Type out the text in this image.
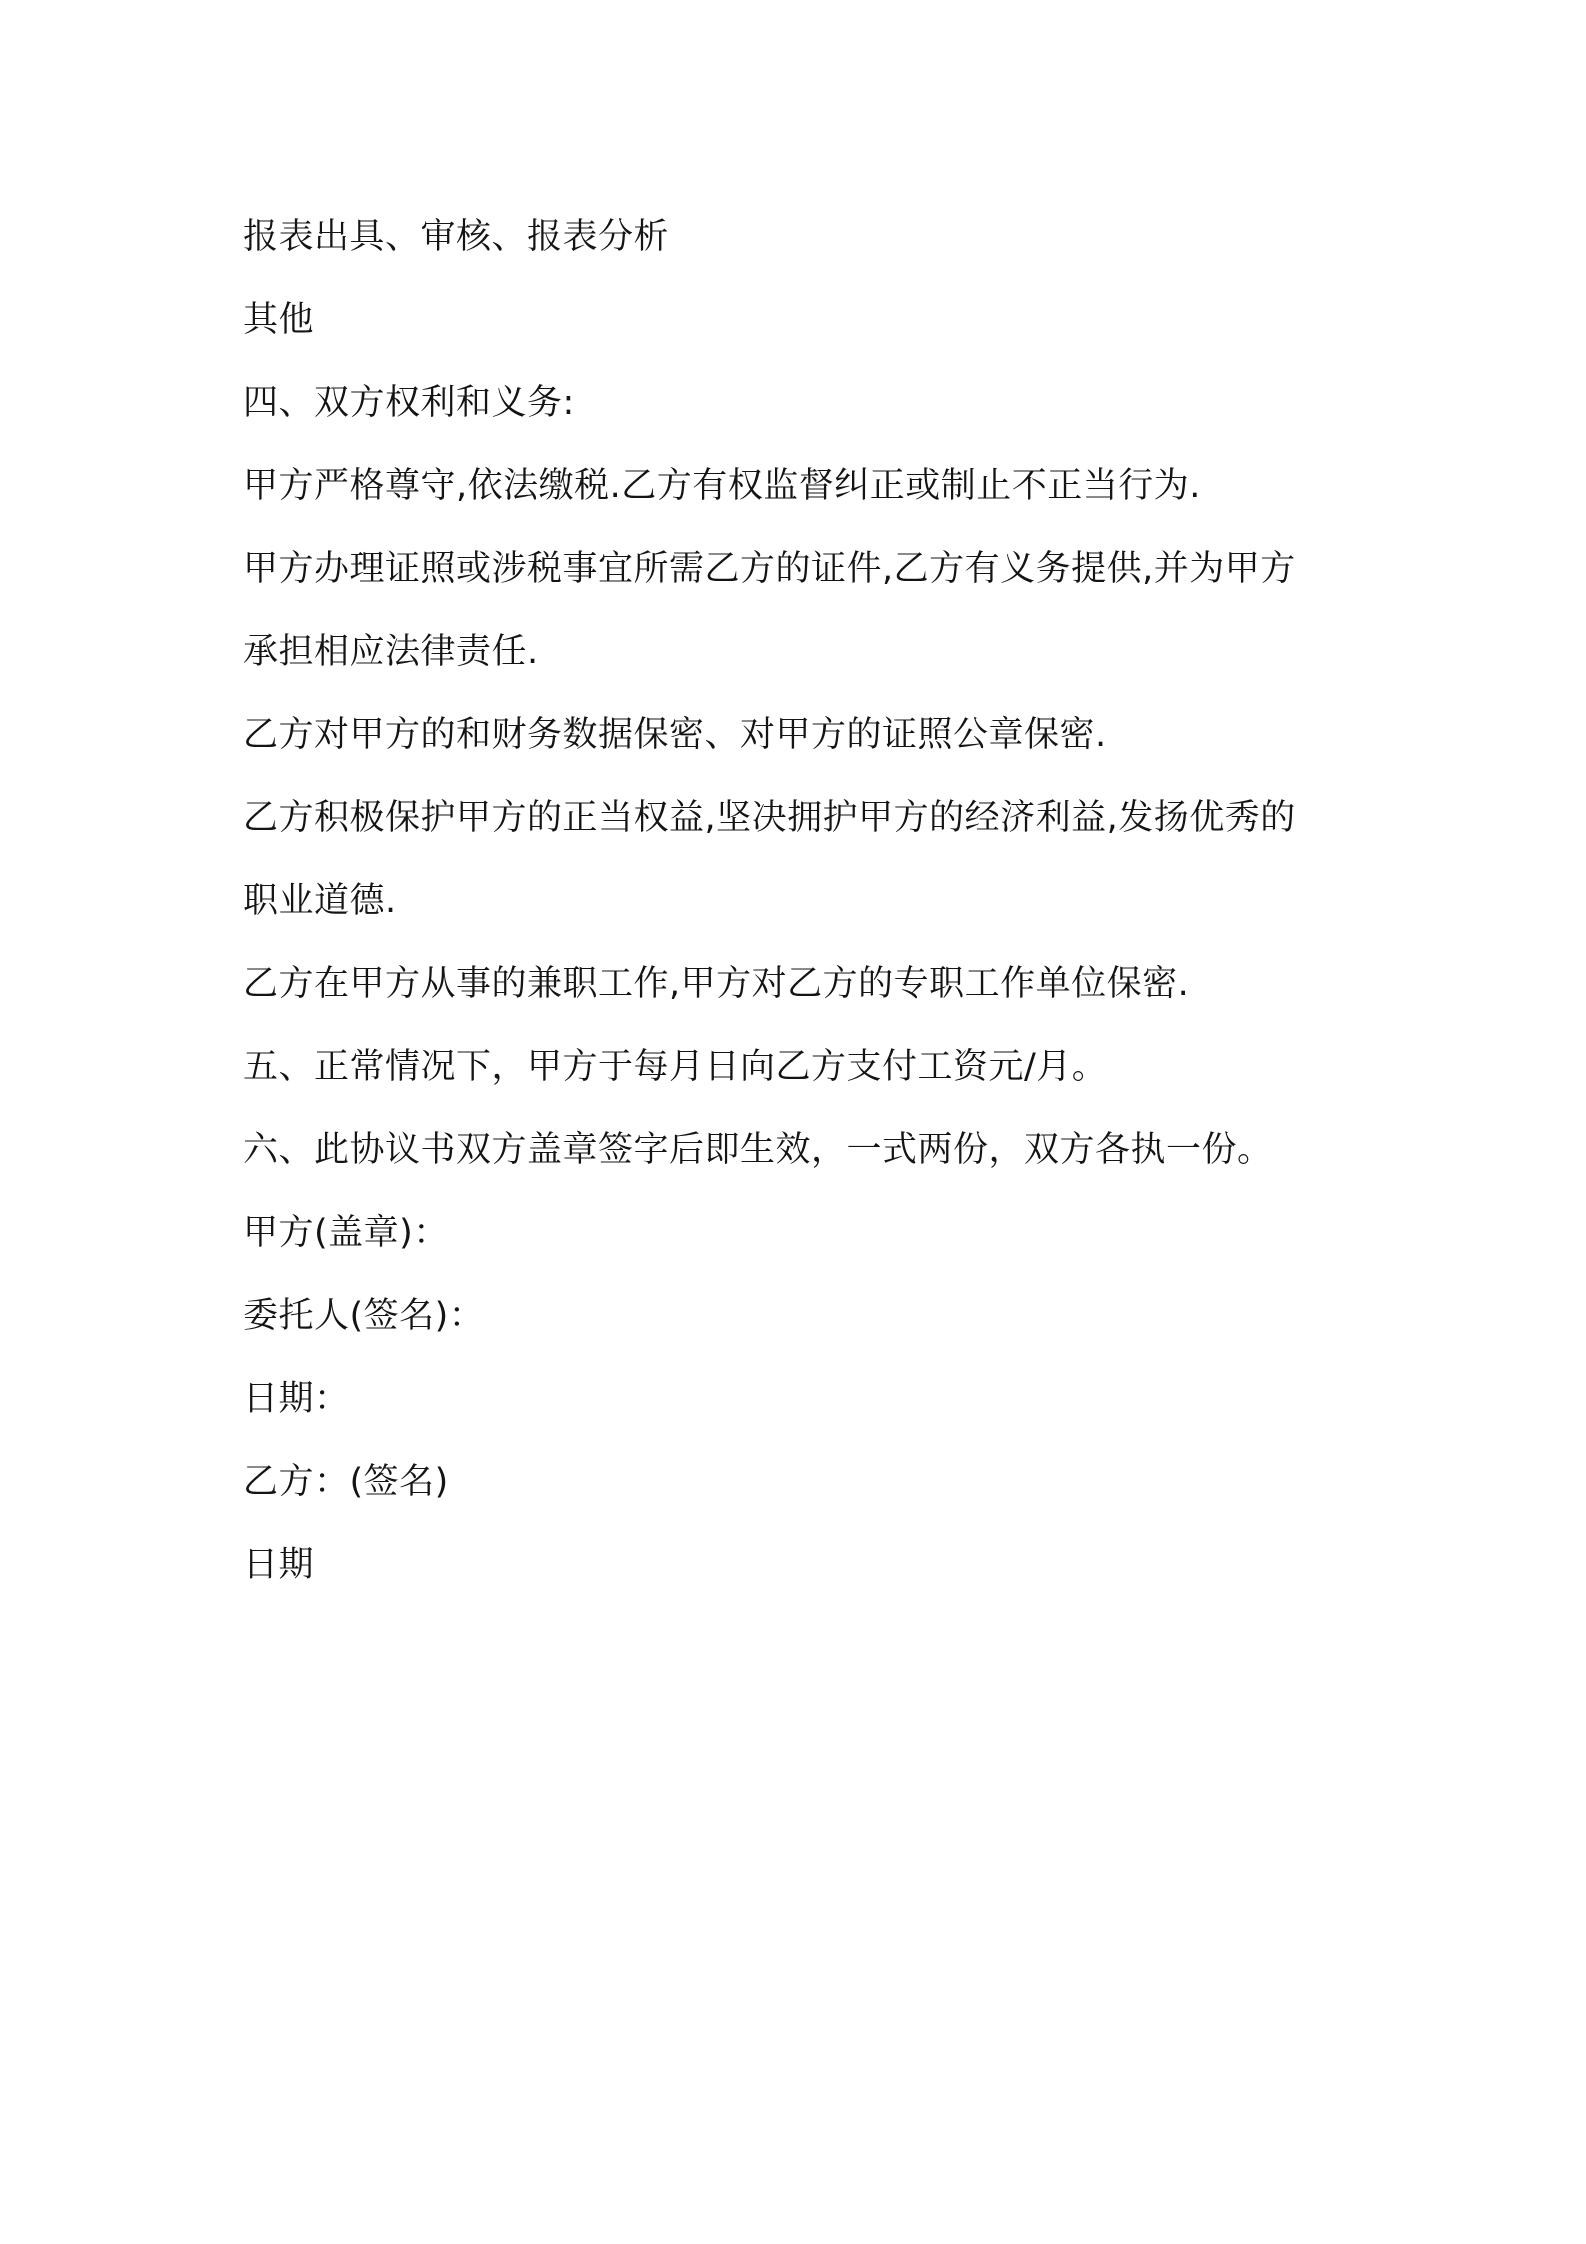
报表出具、审核、报表分析
其他
四、双方权利和义务:
甲方严格尊守,依法缴税.乙方有权监督纠正或制止不正当行为.
甲方办理证照或涉税事宜所需乙方的证件,乙方有义务提供,并为甲方
承担相应法律责任.
乙方对甲方的和财务数据保密、对甲方的证照公章保密.
乙方积极保护甲方的正当权益,坚决拥护甲方的经济利益,发扬优秀的
职业道德.
乙方在甲方从事的兼职工作,甲方对乙方的专职工作单位保密.
五、正常情况下，甲方于每月日向乙方支付工资元/月。
六、此协议书双方盖章签字后即生效，一式两份，双方各执一份。
甲方(盖章)：
委托人(签名)：
日期：
乙方：(签名)
日期
